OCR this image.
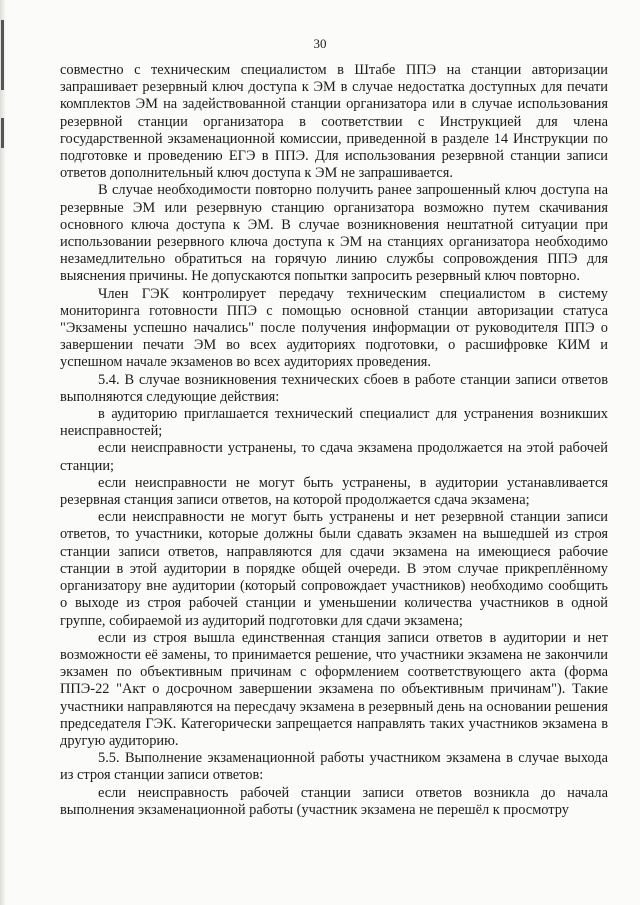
30

совместно с техническим специалистом в Штабе ППЭ на станции авторизации запрашивает резервный ключ доступа к ЭМ в случае недостатка доступных для печати комплектов ЭМ на задействованной станции организатора или в случае использования резервной станции организатора в соответствии с Инструкцией для члена государственной экзаменационной комиссии, приведенной в разделе 14 Инструкции по подготовке и проведению ЕГЭ в ППЭ. Для использования резервной станции записи ответов дополнительный ключ доступа к ЭМ не запрашивается.

В случае необходимости повторно получить ранее запрошенный ключ доступа на резервные ЭМ или резервную станцию организатора возможно путем скачивания основного ключа доступа к ЭМ. В случае возникновения нештатной ситуации при использовании резервного ключа доступа к ЭМ на станциях организатора необходимо незамедлительно обратиться на горячую линию службы сопровождения ППЭ для выяснения причины. Не допускаются попытки запросить резервный ключ повторно.

Член ГЭК контролирует передачу техническим специалистом в систему мониторинга готовности ППЭ с помощью основной станции авторизации статуса "Экзамены успешно начались" после получения информации от руководителя ППЭ о завершении печати ЭМ во всех аудиториях подготовки, о расшифровке КИМ и успешном начале экзаменов во всех аудиториях проведения.

5.4. В случае возникновения технических сбоев в работе станции записи ответов выполняются следующие действия:

в аудиторию приглашается технический специалист для устранения возникших неисправностей;

если неисправности устранены, то сдача экзамена продолжается на этой рабочей станции;

если неисправности не могут быть устранены, в аудитории устанавливается резервная станция записи ответов, на которой продолжается сдача экзамена;

если неисправности не могут быть устранены и нет резервной станции записи ответов, то участники, которые должны были сдавать экзамен на вышедшей из строя станции записи ответов, направляются для сдачи экзамена на имеющиеся рабочие станции в этой аудитории в порядке общей очереди. В этом случае прикреплённому организатору вне аудитории (который сопровождает участников) необходимо сообщить о выходе из строя рабочей станции и уменьшении количества участников в одной группе, собираемой из аудиторий подготовки для сдачи экзамена;

если из строя вышла единственная станция записи ответов в аудитории и нет возможности её замены, то принимается решение, что участники экзамена не закончили экзамен по объективным причинам с оформлением соответствующего акта (форма ППЭ-22 "Акт о досрочном завершении экзамена по объективным причинам"). Такие участники направляются на пересдачу экзамена в резервный день на основании решения председателя ГЭК. Категорически запрещается направлять таких участников экзамена в другую аудиторию.

5.5. Выполнение экзаменационной работы участником экзамена в случае выхода из строя станции записи ответов:

если неисправность рабочей станции записи ответов возникла до начала выполнения экзаменационной работы (участник экзамена не перешёл к просмотру
